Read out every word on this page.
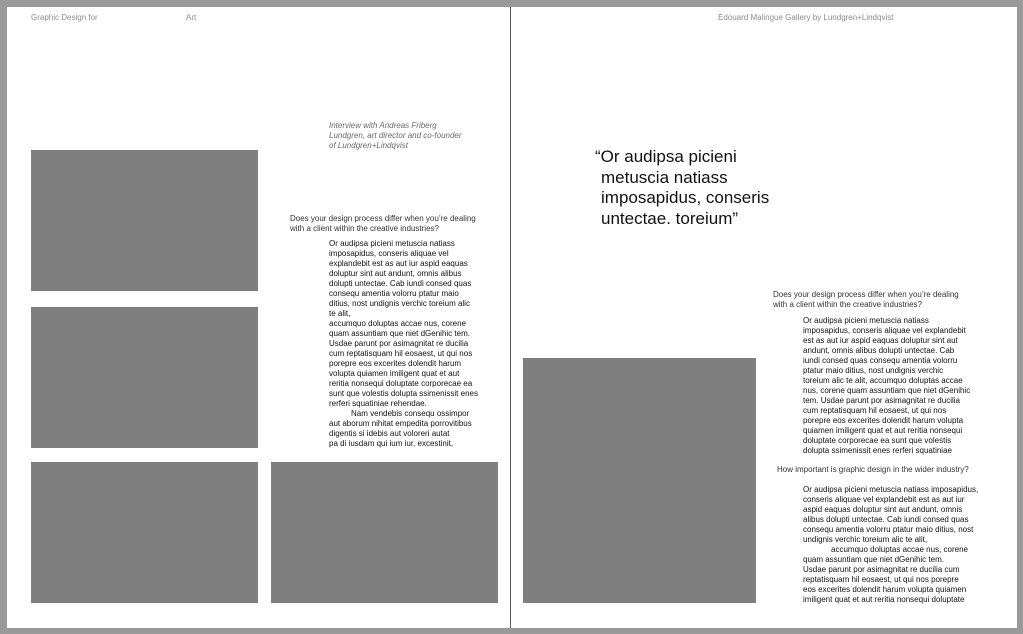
Graphic Design for	Art
Interview with Andreas Friberg
Lundgren, art director and co-founder
of Lundgren+Lindqvist
Does your design process differ when you’re dealing
with a client within the creative industries?

Or audipsa picieni metuscia natiass

imposapidus, conseris aliquae vel

explandebit est as aut iur aspid eaquas

doluptur sint aut andunt, omnis alibus

dolupti untectae. Cab iundi consed quas

consequ amentia volorru ptatur maio

ditius, nost undignis verchic toreium alic

te alit,

accumquo doluptas accae nus, corene

quam assuntiam que niet dGenihic tem.

Usdae parunt por asimagnitat re ducilia

cum reptatisquam hil eosaest, ut qui nos

porepre eos excerites dolendit harum

volupta quiamen imiligent quat et aut

reritia nonsequi doluptate corporecae ea

sunt que volestis dolupta ssimenissit enes

rerferi squatiniae rehendae.

Nam vendebis consequ ossimpor

aut aborum nihitat empedita porrovitibus

digentis si idebis aut voloreri autat

pa di iusdam qui ium iur, excestinit,

Edouard Malingue Gallery by Lundgren+Lindqvist
“Or audipsa picieni
metuscia natiass
imposapidus, conseris
untectae. toreium”
Does your design process differ when you’re dealing
with a client within the creative industries?

Or audipsa picieni metuscia natiass

imposapidus, conseris aliquae vel explandebit

est as aut iur aspid eaquas doluptur sint aut

andunt, omnis alibus dolupti untectae. Cab

iundi consed quas consequ amentia volorru

ptatur maio ditius, nost undignis verchic

toreium alic te alit, accumquo doluptas accae

nus, corene quam assuntiam que niet dGenihic

tem. Usdae parunt por asimagnitat re ducilia

cum reptatisquam hil eosaest, ut qui nos

porepre eos excerites dolendit harum volupta

quiamen imiligent quat et aut reritia nonsequi

doluptate corporecae ea sunt que volestis

dolupta ssimenissit enes rerferi squatiniae

How important is graphic design in the wider industry?

Or audipsa picieni metuscia natiass imposapidus,

conseris aliquae vel explandebit est as aut iur

aspid eaquas doluptur sint aut andunt, omnis

alibus dolupti untectae. Cab iundi consed quas

consequ amentia volorru ptatur maio ditius, nost

undignis verchic toreium alic te alit,

accumquo doluptas accae nus, corene

quam assuntiam que niet dGenihic tem.

Usdae parunt por asimagnitat re ducilia cum

reptatisquam hil eosaest, ut qui nos porepre

eos excerites dolendit harum volupta quiamen

imiligent quat et aut reritia nonsequi doluptate
